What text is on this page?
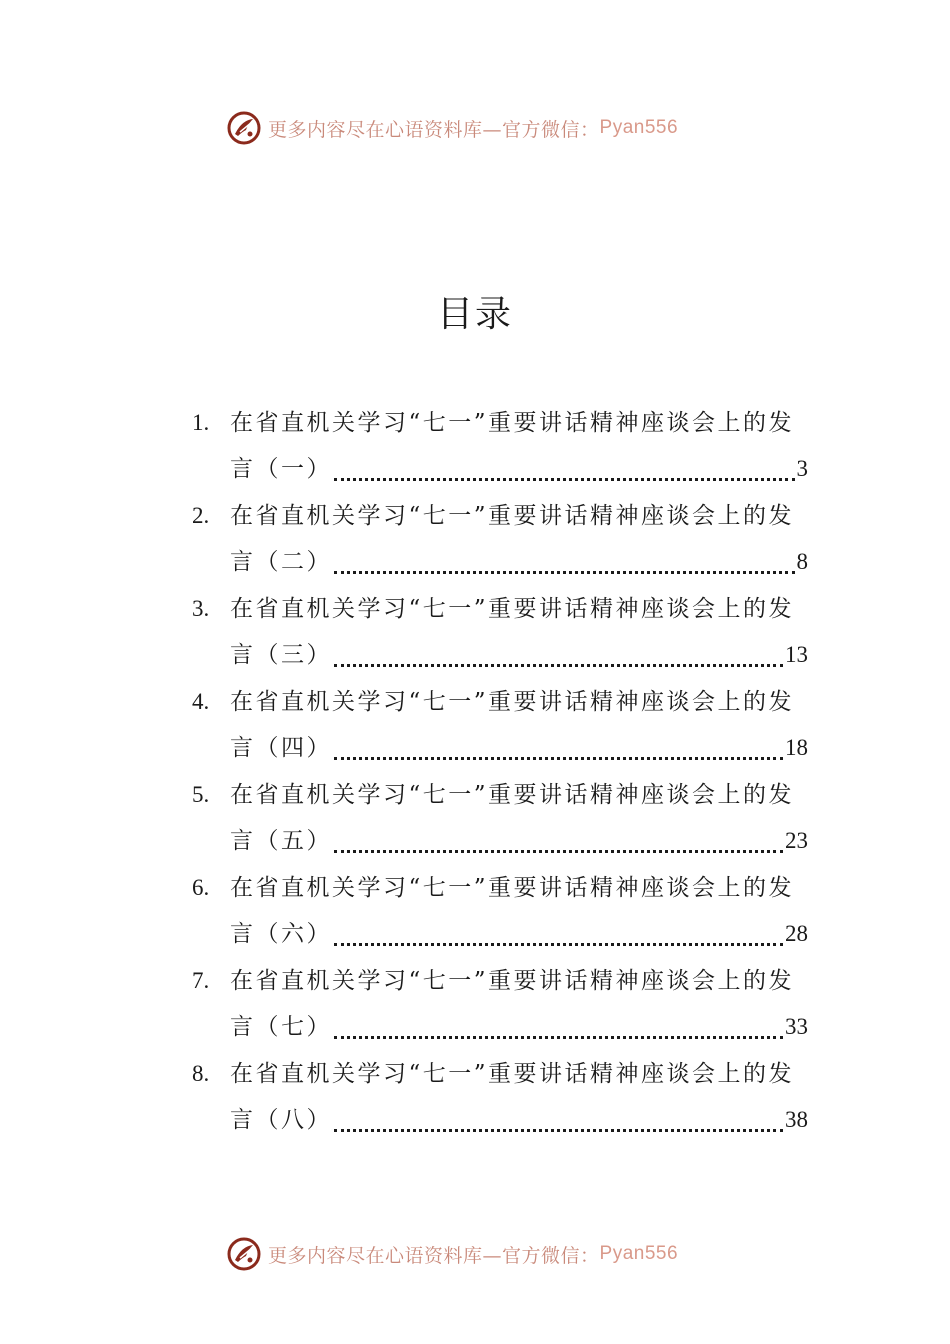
更多内容尽在心语资料库—官方微信： Pyan556
目录
1. 在省直机关学习“七一”重要讲话精神座谈会上的发
言（一）	3
2. 在省直机关学习“七一”重要讲话精神座谈会上的发
言（二）	8
3. 在省直机关学习“七一”重要讲话精神座谈会上的发
言（三）	13
4. 在省直机关学习“七一”重要讲话精神座谈会上的发
言（四）	18
5. 在省直机关学习“七一”重要讲话精神座谈会上的发
言（五）	23
6. 在省直机关学习“七一”重要讲话精神座谈会上的发
言（六）	28
7. 在省直机关学习“七一”重要讲话精神座谈会上的发
言（七）	33
8. 在省直机关学习“七一”重要讲话精神座谈会上的发
言（八）	38
更多内容尽在心语资料库—官方微信： Pyan556
